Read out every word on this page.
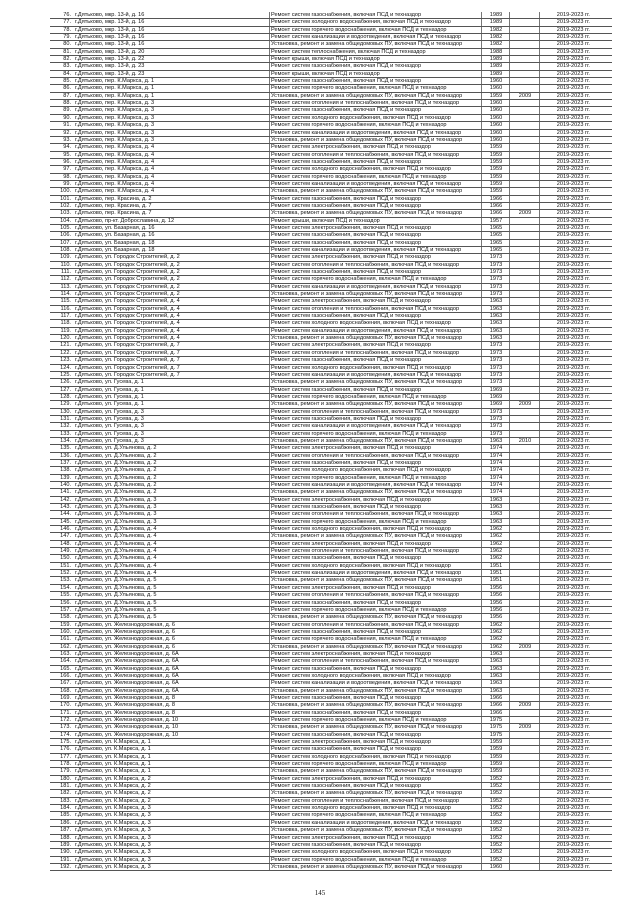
76. г.Дятьково, мкр. 13-й, д. 16	Ремонт систем газоснабжения, включая ПСД и техназдор	1989	2019-2023 гг.
77. г.Дятьково, мкр. 13-й, д. 16	Ремонт систем холодного водоснабжения, включая ПСД и техназдор	1989	2019-2023 гг.
78. г.Дятьково, мкр. 13-й, д. 16	Ремонт систем горячего водоснабжения, включая ПСД и техназдор	1982	2019-2023 гг.
79. г.Дятьково, мкр. 13-й, д. 16	Ремонт систем канализации и водоотведения, включая ПСД и техназдор	1982	2019-2023 гг.
80. г.Дятьково, мкр. 13-й, д. 16	Установка, ремонт и замена общедомовых ПУ, включая ПСД и техназдор	1982	2019-2023 гг.
81. г.Дятьково, мкр. 13-й, д. 20	Ремонт систем теплоснабжения, включая ПСД и техназдор	1988	2019-2023 гг.
82. г.Дятьково, мкр. 13-й, д. 22	Ремонт крыши, включая ПСД и техназдор	1989	2019-2023 гг.
83. г.Дятьково, мкр. 13-й, д. 23	Ремонт систем газоснабжения, включая ПСД и техназдор	1989	2019-2023 гг.
84. г.Дятьково, мкр. 13-й, д. 23	Ремонт крыши, включая ПСД и техназдор	1989	2019-2023 гг.
85. г.Дятьково, пер. К.Маркса, д. 1	Ремонт систем газоснабжения, включая ПСД и техназдор	1960	2019-2023 гг.
86. г.Дятьково, пер. К.Маркса, д. 1	Ремонт систем горячего водоснабжения, включая ПСД и техназдор	1960	2019-2023 гг.
87. г.Дятьково, пер. К.Маркса, д. 1	Установка, ремонт и замена общедомовых ПУ, включая ПСД и техназдор	1959	2009	2019-2023 гг.
88. г.Дятьково, пер. К.Маркса, д. 3	Ремонт систем отопления и теплоснабжения, включая ПСД и техназдор	1960	2019-2023 гг.
89. г.Дятьково, пер. К.Маркса, д. 3	Ремонт систем газоснабжения, включая ПСД и техназдор	1960	2019-2023 гг.
90. г.Дятьково, пер. К.Маркса, д. 3	Ремонт систем холодного водоснабжения, включая ПСД и техназдор	1960	2019-2023 гг.
91. г.Дятьково, пер. К.Маркса, д. 3	Ремонт систем горячего водоснабжения, включая ПСД и техназдор	1960	2019-2023 гг.
92. г.Дятьково, пер. К.Маркса, д. 3	Ремонт систем канализации и водоотведения, включая ПСД и техназдор	1960	2019-2023 гг.
93. г.Дятьково, пер. К.Маркса, д. 3	Установка, ремонт и замена общедомовых ПУ, включая ПСД и техназдор	1960	2019-2023 гг.
94. г.Дятьково, пер. К.Маркса, д. 4	Ремонт систем электроснабжения, включая ПСД и техназдор	1959	2019-2023 гг.
95. г.Дятьково, пер. К.Маркса, д. 4	Ремонт систем отопления и теплоснабжения, включая ПСД и техназдор	1959	2019-2023 гг.
96. г.Дятьково, пер. К.Маркса, д. 4	Ремонт систем газоснабжения, включая ПСД и техназдор	1959	2019-2023 гг.
97. г.Дятьково, пер. К.Маркса, д. 4	Ремонт систем холодного водоснабжения, включая ПСД и техназдор	1959	2019-2023 гг.
98. г.Дятьково, пер. К.Маркса, д. 4	Ремонт систем горячего водоснабжения, включая ПСД и техназдор	1959	2019-2023 гг.
99. г.Дятьково, пер. К.Маркса, д. 4	Ремонт систем канализации и водоотведения, включая ПСД и техназдор	1959	2019-2023 гг.
100. г.Дятьково, пер. К.Маркса, д. 4	Установка, ремонт и замена общедомовых ПУ, включая ПСД и техназдор	1959	2019-2023 гг.
101. г.Дятьково, пер. Красина, д. 2	Ремонт систем газоснабжения, включая ПСД и техназдор	1966	2019-2023 гг.
102. г.Дятьково, пер. Красина, д. 7	Ремонт систем газоснабжения, включая ПСД и техназдор	1966	2019-2023 гг.
103. г.Дятьково, пер. Красина, д. 7	Установка, ремонт и замена общедомовых ПУ, включая ПСД и техназдор	1966	2009	2019-2023 гг.
104. г.Дятьково, пр-кт. Доброславина, д. 12	Ремонт крыши, включая ПСД и техназдор	1957	2019-2023 гг.
105. г.Дятьково, ул. Базарная, д. 16	Ремонт систем электроснабжения, включая ПСД и техназдор	1965	2019-2023 гг.
106. г.Дятьково, ул. Базарная, д. 16	Ремонт систем газоснабжения, включая ПСД и техназдор	1965	2019-2023 гг.
107. г.Дятьково, ул. Базарная, д. 18	Ремонт систем газоснабжения, включая ПСД и техназдор	1965	2019-2023 гг.
108. г.Дятьково, ул. Базарная, д. 18	Ремонт систем канализации и водоотведения, включая ПСД и техназдор	1965	2019-2023 гг.
109. г.Дятьково, ул. Городок Строителей, д. 2	Ремонт систем электроснабжения, включая ПСД и техназдор	1973	2019-2023 гг.
110. г.Дятьково, ул. Городок Строителей, д. 2	Ремонт систем отопления и теплоснабжения, включая ПСД и техназдор	1973	2019-2023 гг.
111. г.Дятьково, ул. Городок Строителей, д. 2	Ремонт систем газоснабжения, включая ПСД и техназдор	1973	2019-2023 гг.
112. г.Дятьково, ул. Городок Строителей, д. 2	Ремонт систем горячего водоснабжения, включая ПСД и техназдор	1973	2019-2023 гг.
113. г.Дятьково, ул. Городок Строителей, д. 2	Ремонт систем канализации и водоотведения, включая ПСД и техназдор	1973	2019-2023 гг.
114. г.Дятьково, ул. Городок Строителей, д. 2	Установка, ремонт и замена общедомовых ПУ, включая ПСД и техназдор	1973	2019-2023 гг.
115. г.Дятьково, ул. Городок Строителей, д. 4	Ремонт систем электроснабжения, включая ПСД и техназдор	1963	2019-2023 гг.
116. г.Дятьково, ул. Городок Строителей, д. 4	Ремонт систем отопления и теплоснабжения, включая ПСД и техназдор	1963	2019-2023 гг.
117. г.Дятьково, ул. Городок Строителей, д. 4	Ремонт систем газоснабжения, включая ПСД и техназдор	1963	2019-2023 гг.
118. г.Дятьково, ул. Городок Строителей, д. 4	Ремонт систем холодного водоснабжения, включая ПСД и техназдор	1963	2019-2023 гг.
119. г.Дятьково, ул. Городок Строителей, д. 4	Ремонт систем канализации и водоотведения, включая ПСД и техназдор	1963	2019-2023 гг.
120. г.Дятьково, ул. Городок Строителей, д. 4	Установка, ремонт и замена общедомовых ПУ, включая ПСД и техназдор	1963	2019-2023 гг.
121. г.Дятьково, ул. Городок Строителей, д. 7	Ремонт систем электроснабжения, включая ПСД и техназдор	1973	2019-2023 гг.
122. г.Дятьково, ул. Городок Строителей, д. 7	Ремонт систем отопления и теплоснабжения, включая ПСД и техназдор	1973	2019-2023 гг.
123. г.Дятьково, ул. Городок Строителей, д. 7	Ремонт систем газоснабжения, включая ПСД и техназдор	1973	2019-2023 гг.
124. г.Дятьково, ул. Городок Строителей, д. 7	Ремонт систем холодного водоснабжения, включая ПСД и техназдор	1973	2019-2023 гг.
125. г.Дятьково, ул. Городок Строителей, д. 7	Ремонт систем канализации и водоотведения, включая ПСД и техназдор	1973	2019-2023 гг.
126. г.Дятьково, ул. Гусева, д. 1	Установка, ремонт и замена общедомовых ПУ, включая ПСД и техназдор	1973	2019-2023 гг.
127. г.Дятьково, ул. Гусева, д. 1	Ремонт систем газоснабжения, включая ПСД и техназдор	1969	2019-2023 гг.
128. г.Дятьково, ул. Гусева, д. 1	Ремонт систем горячего водоснабжения, включая ПСД и техназдор	1969	2019-2023 гг.
129. г.Дятьково, ул. Гусева, д. 1	Установка, ремонт и замена общедомовых ПУ, включая ПСД и техназдор	1969	2009	2019-2023 гг.
130. г.Дятьково, ул. Гусева, д. 3	Ремонт систем отопления и теплоснабжения, включая ПСД и техназдор	1973	2019-2023 гг.
131. г.Дятьково, ул. Гусева, д. 3	Ремонт систем газоснабжения, включая ПСД и техназдор	1973	2019-2023 гг.
132. г.Дятьково, ул. Гусева, д. 3	Ремонт систем канализации и водоотведения, включая ПСД и техназдор	1973	2019-2023 гг.
133. г.Дятьково, ул. Гусева, д. 3	Ремонт систем горячего водоснабжения, включая ПСД и техназдор	1973	2019-2023 гг.
134. г.Дятьково, ул. Гусева, д. 3	Установка, ремонт и замена общедомовых ПУ, включая ПСД и техназдор	1963	2010	2019-2023 гг.
135. г.Дятьково, ул. Д.Ульянова, д. 2	Ремонт систем электроснабжения, включая ПСД и техназдор	1974	2019-2023 гг.
136. г.Дятьково, ул. Д.Ульянова, д. 2	Ремонт систем отопления и теплоснабжения, включая ПСД и техназдор	1974	2019-2023 гг.
137. г.Дятьково, ул. Д.Ульянова, д. 2	Ремонт систем газоснабжения, включая ПСД и техназдор	1974	2019-2023 гг.
138. г.Дятьково, ул. Д.Ульянова, д. 2	Ремонт систем холодного водоснабжения, включая ПСД и техназдор	1974	2019-2023 гг.
139. г.Дятьково, ул. Д.Ульянова, д. 2	Ремонт систем горячего водоснабжения, включая ПСД и техназдор	1974	2019-2023 гг.
140. г.Дятьково, ул. Д.Ульянова, д. 2	Ремонт систем канализации и водоотведения, включая ПСД и техназдор	1974	2019-2023 гг.
141. г.Дятьково, ул. Д.Ульянова, д. 2	Установка, ремонт и замена общедомовых ПУ, включая ПСД и техназдор	1974	2019-2023 гг.
142. г.Дятьково, ул. Д.Ульянова, д. 3	Ремонт систем электроснабжения, включая ПСД и техназдор	1963	2019-2023 гг.
143. г.Дятьково, ул. Д.Ульянова, д. 3	Ремонт систем газоснабжения, включая ПСД и техназдор	1963	2019-2023 гг.
144. г.Дятьково, ул. Д.Ульянова, д. 3	Ремонт систем отопления и теплоснабжения, включая ПСД и техназдор	1963	2019-2023 гг.
145. г.Дятьково, ул. Д.Ульянова, д. 3	Ремонт систем горячего водоснабжения, включая ПСД и техназдор	1963	2019-2023 гг.
146. г.Дятьково, ул. Д.Ульянова, д. 4	Ремонт систем холодного водоснабжения, включая ПСД и техназдор	1962	2019-2023 гг.
147. г.Дятьково, ул. Д.Ульянова, д. 4	Установка, ремонт и замена общедомовых ПУ, включая ПСД и техназдор	1962	2019-2023 гг.
148. г.Дятьково, ул. Д.Ульянова, д. 4	Ремонт систем электроснабжения, включая ПСД и техназдор	1962	2019-2023 гг.
149. г.Дятьково, ул. Д.Ульянова, д. 4	Ремонт систем отопления и теплоснабжения, включая ПСД и техназдор	1962	2019-2023 гг.
150. г.Дятьково, ул. Д.Ульянова, д. 4	Ремонт систем газоснабжения, включая ПСД и техназдор	1962	2019-2023 гг.
151. г.Дятьково, ул. Д.Ульянова, д. 4	Ремонт систем холодного водоснабжения, включая ПСД и техназдор	1951	2019-2023 гг.
152. г.Дятьково, ул. Д.Ульянова, д. 4	Ремонт систем канализации и водоотведения, включая ПСД и техназдор	1951	2019-2023 гг.
153. г.Дятьково, ул. Д.Ульянова, д. 5	Установка, ремонт и замена общедомовых ПУ, включая ПСД и техназдор	1951	2019-2023 гг.
154. г.Дятьково, ул. Д.Ульянова, д. 5	Ремонт систем электроснабжения, включая ПСД и техназдор	1956	2019-2023 гг.
155. г.Дятьково, ул. Д.Ульянова, д. 5	Ремонт систем отопления и теплоснабжения, включая ПСД и техназдор	1956	2019-2023 гг.
156. г.Дятьково, ул. Д.Ульянова, д. 5	Ремонт систем газоснабжения, включая ПСД и техназдор	1956	2019-2023 гг.
157. г.Дятьково, ул. Д.Ульянова, д. 5	Ремонт систем горячего водоснабжения, включая ПСД и техназдор	1956	2019-2023 гг.
158. г.Дятьково, ул. Д.Ульянова, д. 5	Установка, ремонт и замена общедомовых ПУ, включая ПСД и техназдор	1956	2019-2023 гг.
159. г.Дятьково, ул. Железнодорожная, д. 6	Ремонт систем отопления и теплоснабжения, включая ПСД и техназдор	1962	2019-2023 гг.
160. г.Дятьково, ул. Железнодорожная, д. 6	Ремонт систем газоснабжения, включая ПСД и техназдор	1962	2019-2023 гг.
161. г.Дятьково, ул. Железнодорожная, д. 6	Ремонт систем горячего водоснабжения, включая ПСД и техназдор	1962	2019-2023 гг.
162. г.Дятьково, ул. Железнодорожная, д. 6	Установка, ремонт и замена общедомовых ПУ, включая ПСД и техназдор	1962	2009	2019-2023 гг.
163. г.Дятьково, ул. Железнодорожная, д. 6А	Ремонт систем электроснабжения, включая ПСД и техназдор	1963	2019-2023 гг.
164. г.Дятьково, ул. Железнодорожная, д. 6А	Ремонт систем отопления и теплоснабжения, включая ПСД и техназдор	1963	2019-2023 гг.
165. г.Дятьково, ул. Железнодорожная, д. 6А	Ремонт систем газоснабжения, включая ПСД и техназдор	1963	2019-2023 гг.
166. г.Дятьково, ул. Железнодорожная, д. 6А	Ремонт систем холодного водоснабжения, включая ПСД и техназдор	1963	2019-2023 гг.
167. г.Дятьково, ул. Железнодорожная, д. 6А	Ремонт систем канализации и водоотведения, включая ПСД и техназдор	1963	2019-2023 гг.
168. г.Дятьково, ул. Железнодорожная, д. 6А	Установка, ремонт и замена общедомовых ПУ, включая ПСД и техназдор	1963	2019-2023 гг.
169. г.Дятьково, ул. Железнодорожная, д. 8	Ремонт систем газоснабжения, включая ПСД и техназдор	1966	2019-2023 гг.
170. г.Дятьково, ул. Железнодорожная, д. 8	Установка, ремонт и замена общедомовых ПУ, включая ПСД и техназдор	1966	2009	2019-2023 гг.
171. г.Дятьково, ул. Железнодорожная, д. 8	Ремонт систем газоснабжения, включая ПСД и техназдор	1966	2019-2023 гг.
172. г.Дятьково, ул. Железнодорожная, д. 10	Ремонт систем горячего водоснабжения, включая ПСД и техназдор	1975	2019-2023 гг.
173. г.Дятьково, ул. Железнодорожная, д. 10	Установка, ремонт и замена общедомовых ПУ, включая ПСД и техназдор	1975	2009	2019-2023 гг.
174. г.Дятьково, ул. Железнодорожная, д. 10	Ремонт систем газоснабжения, включая ПСД и техназдор	1975	2019-2023 гг.
175. г.Дятьково, ул. К.Маркса, д. 1	Ремонт систем электроснабжения, включая ПСД и техназдор	1959	2019-2023 гг.
176. г.Дятьково, ул. К.Маркса, д. 1	Ремонт систем газоснабжения, включая ПСД и техназдор	1959	2019-2023 гг.
177. г.Дятьково, ул. К.Маркса, д. 1	Ремонт систем холодного водоснабжения, включая ПСД и техназдор	1959	2019-2023 гг.
178. г.Дятьково, ул. К.Маркса, д. 1	Ремонт систем горячего водоснабжения, включая ПСД и техназдор	1959	2019-2023 гг.
179. г.Дятьково, ул. К.Маркса, д. 1	Установка, ремонт и замена общедомовых ПУ, включая ПСД и техназдор	1959	2019-2023 гг.
180. г.Дятьково, ул. К.Маркса, д. 2	Ремонт систем электроснабжения, включая ПСД и техназдор	1952	2019-2023 гг.
181. г.Дятьково, ул. К.Маркса, д. 2	Ремонт систем газоснабжения, включая ПСД и техназдор	1952	2019-2023 гг.
182. г.Дятьково, ул. К.Маркса, д. 2	Установка, ремонт и замена общедомовых ПУ, включая ПСД и техназдор	1952	2019-2023 гг.
183. г.Дятьково, ул. К.Маркса, д. 2	Ремонт систем отопления и теплоснабжения, включая ПСД и техназдор	1952	2019-2023 гг.
184. г.Дятьково, ул. К.Маркса, д. 3	Ремонт систем холодного водоснабжения, включая ПСД и техназдор	1952	2019-2023 гг.
185. г.Дятьково, ул. К.Маркса, д. 3	Ремонт систем горячего водоснабжения, включая ПСД и техназдор	1952	2019-2023 гг.
186. г.Дятьково, ул. К.Маркса, д. 3	Ремонт систем канализации и водоотведения, включая ПСД и техназдор	1952	2019-2023 гг.
187. г.Дятьково, ул. К.Маркса, д. 3	Установка, ремонт и замена общедомовых ПУ, включая ПСД и техназдор	1952	2019-2023 гг.
188. г.Дятьково, ул. К.Маркса, д. 3	Ремонт систем электроснабжения, включая ПСД и техназдор	1952	2019-2023 гг.
189. г.Дятьково, ул. К.Маркса, д. 3	Ремонт систем газоснабжения, включая ПСД и техназдор	1952	2019-2023 гг.
190. г.Дятьково, ул. К.Маркса, д. 3	Ремонт систем холодного водоснабжения, включая ПСД и техназдор	1952	2019-2023 гг.
191. г.Дятьково, ул. К.Маркса, д. 3	Ремонт систем горячего водоснабжения, включая ПСД и техназдор	1952	2019-2023 гг.
192. г.Дятьково, ул. К.Маркса, д. 3	Установка, ремонт и замена общедомовых ПУ, включая ПСД и техназдор	1960	2019-2023 гг.
145
